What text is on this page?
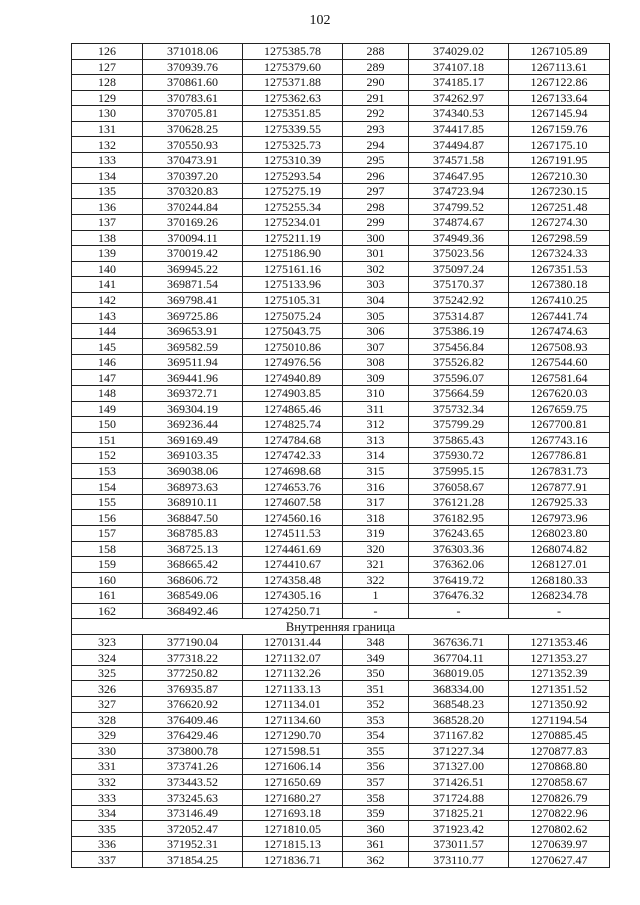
102
126	371018.06	1275385.78	288	374029.02	1267105.89
127	370939.76	1275379.60	289	374107.18	1267113.61
128	370861.60	1275371.88	290	374185.17	1267122.86
129	370783.61	1275362.63	291	374262.97	1267133.64
130	370705.81	1275351.85	292	374340.53	1267145.94
131	370628.25	1275339.55	293	374417.85	1267159.76
132	370550.93	1275325.73	294	374494.87	1267175.10
133	370473.91	1275310.39	295	374571.58	1267191.95
134	370397.20	1275293.54	296	374647.95	1267210.30
135	370320.83	1275275.19	297	374723.94	1267230.15
136	370244.84	1275255.34	298	374799.52	1267251.48
137	370169.26	1275234.01	299	374874.67	1267274.30
138	370094.11	1275211.19	300	374949.36	1267298.59
139	370019.42	1275186.90	301	375023.56	1267324.33
140	369945.22	1275161.16	302	375097.24	1267351.53
141	369871.54	1275133.96	303	375170.37	1267380.18
142	369798.41	1275105.31	304	375242.92	1267410.25
143	369725.86	1275075.24	305	375314.87	1267441.74
144	369653.91	1275043.75	306	375386.19	1267474.63
145	369582.59	1275010.86	307	375456.84	1267508.93
146	369511.94	1274976.56	308	375526.82	1267544.60
147	369441.96	1274940.89	309	375596.07	1267581.64
148	369372.71	1274903.85	310	375664.59	1267620.03
149	369304.19	1274865.46	311	375732.34	1267659.75
150	369236.44	1274825.74	312	375799.29	1267700.81
151	369169.49	1274784.68	313	375865.43	1267743.16
152	369103.35	1274742.33	314	375930.72	1267786.81
153	369038.06	1274698.68	315	375995.15	1267831.73
154	368973.63	1274653.76	316	376058.67	1267877.91
155	368910.11	1274607.58	317	376121.28	1267925.33
156	368847.50	1274560.16	318	376182.95	1267973.96
157	368785.83	1274511.53	319	376243.65	1268023.80
158	368725.13	1274461.69	320	376303.36	1268074.82
159	368665.42	1274410.67	321	376362.06	1268127.01
160	368606.72	1274358.48	322	376419.72	1268180.33
161	368549.06	1274305.16	1	376476.32	1268234.78
162	368492.46	1274250.71	-	-	-
Внутренняя граница					
323	377190.04	1270131.44	348	367636.71	1271353.46
324	377318.22	1271132.07	349	367704.11	1271353.27
325	377250.82	1271132.26	350	368019.05	1271352.39
326	376935.87	1271133.13	351	368334.00	1271351.52
327	376620.92	1271134.01	352	368548.23	1271350.92
328	376409.46	1271134.60	353	368528.20	1271194.54
329	376429.46	1271290.70	354	371167.82	1270885.45
330	373800.78	1271598.51	355	371227.34	1270877.83
331	373741.26	1271606.14	356	371327.00	1270868.80
332	373443.52	1271650.69	357	371426.51	1270858.67
333	373245.63	1271680.27	358	371724.88	1270826.79
334	373146.49	1271693.18	359	371825.21	1270822.96
335	372052.47	1271810.05	360	371923.42	1270802.62
336	371952.31	1271815.13	361	373011.57	1270639.97
337	371854.25	1271836.71	362	373110.77	1270627.47
